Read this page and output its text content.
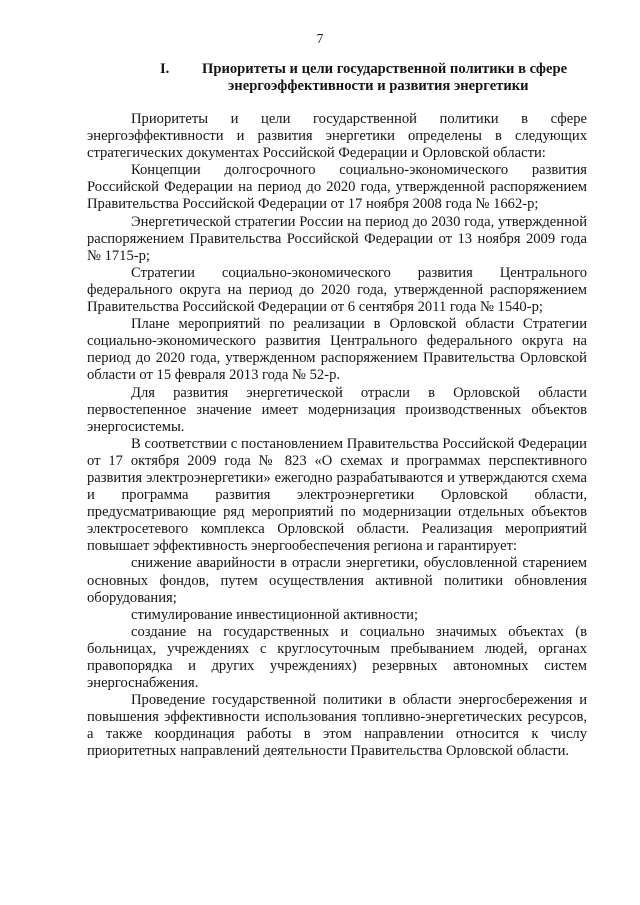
7
I. Приоритеты и цели государственной политики в сфере
энергоэффективности и развития энергетики

Приоритеты и цели государственной политики в сфере энергоэффективности и развития энергетики определены в следующих стратегических документах Российской Федерации и Орловской области:

Концепции долгосрочного социально-экономического развития Российской Федерации на период до 2020 года, утвержденной распоряжением Правительства Российской Федерации от 17 ноября 2008 года № 1662-р;

Энергетической стратегии России на период до 2030 года, утвержденной распоряжением Правительства Российской Федерации от 13 ноября 2009 года № 1715-р;

Стратегии социально-экономического развития Центрального федерального округа на период до 2020 года, утвержденной распоряжением Правительства Российской Федерации от 6 сентября 2011 года № 1540-р;

Плане мероприятий по реализации в Орловской области Стратегии социально-экономического развития Центрального федерального округа на период до 2020 года, утвержденном распоряжением Правительства Орловской области от 15 февраля 2013 года № 52-р.

Для развития энергетической отрасли в Орловской области первостепенное значение имеет модернизация производственных объектов энергосистемы.

В соответствии с постановлением Правительства Российской Федерации от 17 октября 2009 года № 823 «О схемах и программах перспективного развития электроэнергетики» ежегодно разрабатываются и утверждаются схема и программа развития электроэнергетики Орловской области, предусматривающие ряд мероприятий по модернизации отдельных объектов электросетевого комплекса Орловской области. Реализация мероприятий повышает эффективность энергообеспечения региона и гарантирует:

снижение аварийности в отрасли энергетики, обусловленной старением основных фондов, путем осуществления активной политики обновления оборудования;

стимулирование инвестиционной активности;

создание на государственных и социально значимых объектах (в больницах, учреждениях с круглосуточным пребыванием людей, органах правопорядка и других учреждениях) резервных автономных систем энергоснабжения.

Проведение государственной политики в области энергосбережения и повышения эффективности использования топливно-энергетических ресурсов, а также координация работы в этом направлении относится к числу приоритетных направлений деятельности Правительства Орловской области.
